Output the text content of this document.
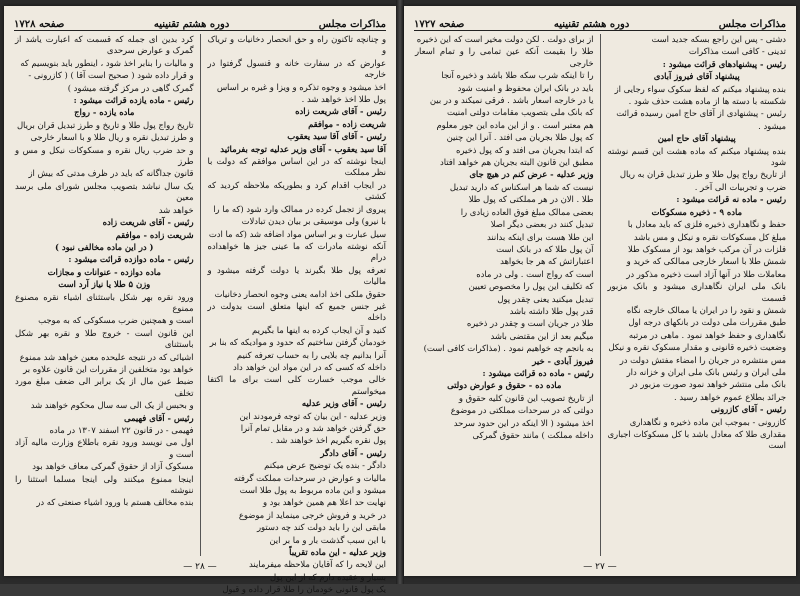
مذاکرات مجلس
دوره هشتم تقنینیه
صفحه ۱۷۲۸

و چنانچه تاکنون راه و حق انحصار دخانیات و تریاک و

عوارض که در سفارت خانه و قنسول گرفتوا در خارجه

اخذ میشود و وجوه تذکره و ویزا و غیره بر اساس

پول طلا اخذ خواهد شد .

رئیس - آقای شریعت زاده

شریعت زاده - موافقم

رئیس - آقای آقا سید یعقوب

آقا سید یعقوب - آقای وزیر عدلیه توجه بفرمائید

اینجا نوشته که در این اساس موافقم که دولت با نظر مملکت

در ایجاب اقدام کرد و بطوریکه ملاحظه کردید که کشتی

پیروی از تجمل کرده در ممالک وارد شود (که ما را

با نیرو) ولی موسیقی بر بیان دیدن تبادلات

سیل عبارت و بر اساس مواد اضافه شد (که ما ادت

آنکه نوشته مادرات که ما عینی جیز ها خواهداده درام

تعرفه پول طلا بگیرند یا دولت گرفته میشود و مالیات

حقوق ملکی اخذ ادامه یعنی وجوه انحصار دخانیات

غیر جنس جمیع که اینها متعلق است بدولت در داخله

کنید و آن ایجاب کرده به اینها ما بگیریم

خودمان گرفتن ساختیم که حدود و موادیکه که بنا بر

آنرا بدانیم چه بلایی را به حساب تعرفه کنیم

داخله که کسی که در این مواد این خواهد داد

خالی موجب خسارت کلی است برای ما اکتفا میخواستم

رئیس - آقای وزیر عدلیه

وزیر عدلیه - این بیان که توجه فرمودند این

حق گرفتن خواهد شد و در مقابل تمام آنرا

پول نقره بگیریم اخذ خواهند شد .

رئیس - آقای دادگر

دادگر - بنده یک توضیح عرض میکنم

مالیات و عوارض در سرحدات مملکت گرفته

میشود و این ماده مربوط به پول طلا است

نهایت حد اعلا هم همین خواهد بود و

در خرید و فروش خرجی مینماید از موضوع

مابقی این را باید دولت کند چه دستور

با این سبب گذشت بار و ما بر این

وزیر عدلیه - این ماده تقریباً

این لایحه را که آقایان ملاحظه میفرمایند

بسیار و عقیده دارم که از این پول

یک پول قانونی خودمان را طلا قرار داده و قبول

کرد بدین ای جمله که قسمت که اعبارت یاشد از گمرک و عوارض سرحدی

و مالیات را بنابر اخذ شود ، اینطور باید بنویسیم که

و قرار داده شود ( صحیح است آقا ) ( کازرونی -

گمرک گاهی در مرکز گرفته میشود )

رئیس - ماده یازده قرائت میشود :

ماده یازده - رواج

تاریخ رواج پول طلا و تاریخ و طرز تبدیل قران بریال

و طرز تبدیل نقره و ریال طلا و با اسعار خارجی

و حد ضرب ریال نقره و مسکوکات نیکل و مس و طرز

قانون جداگانه که باید در ظرف مدتی که بیش از

یک سال نباشد بتصویب مجلس شورای ملی برسد معین

خواهد شد

رئیس - آقای شریعت زاده

شریعت زاده - موافقم

( در این ماده مخالفی نبود )

رئیس - ماده دوازده قرائت میشود :

ماده دوازده - عنوانات و مجازات

وزن ۵ طلا یا نیاز آرد است

ورود نقره بهر شکل باستثنای اشیاء نقره مصنوع ممنوع

است و همچنین ضرب مسکوکی که به موجب

این قانون است - خروج طلا و نقره بهر شکل باستثنای

اشیائی که در نتیجه علیحده معین خواهد شد ممنوع

خواهد بود متخلفین از مقررات این قانون علاوه بر

ضبط عین مال از یک برابر الی ضعف مبلغ مورد تخلف

و بحبس از یک الی سه سال محکوم خواهند شد

رئیس - آقای فهیمی

فهیمی - در قانون ۲۲ اسفند ۱۳۰۷ در ماده

اول می نویسد ورود نقره باطلاع وزارت مالیه آزاد است و

مسکوک آزاد از حقوق گمرکی معاف خواهد بود

اینجا ممنوع میکنند ولی اینجا مسلما استثنا را ننوشته

بنده مخالف هستم با ورود اشیاء صنعتی که در

— ۲۸ —
مذاکرات مجلس
دوره هشتم تقنینیه
صفحه ۱۷۲۷

دشتی - پس این راجع بسکه جدید است

تدینی - کافی است مذاکرات

رئیس - پیشنهادهای قرائت میشود :

پیشنهاد آقای فیروز آبادی

بنده پیشنهاد میکنم که لفظ سکوک سواء رجایی از

شکسته با دسته ها از ماده هشت حذف شود .

رئیس - پیشنهادی از آقای حاج امین رسیده قرائت

میشود .

پیشنهاد آقای حاج امین

بنده پیشنهاد میکنم که ماده هشت این قسم نوشته شود

از تاریخ رواج پول طلا و طرز تبدیل قران به ریال

ضرب و تجربیات الی آخر .

رئیس - ماده نه قرائت میشود :

ماده ۹ - ذخیره مسکوکات

حفظ و نگاهداری ذخیره فلزی که باید معادل با

مبلغ کل مسکوکات نقره و نیکل و مس باشد

فلزات در آن مرکب خواهد بود از مسکوک طلا

شمش طلا با اسعار خارجی ممالکی که خرید و

معاملات طلا در آنها آزاد است ذخیره مذکور در

بانک ملی ایران نگاهداری میشود و بانک مزبور قسمت

شمش و نقود را در ایران یا ممالک خارجه نگاه

طبق مقررات ملی دولت در بانکهای درجه اول

نگاهداری و حفظ خواهد نمود . ماهی در مرتبه

وضعیت ذخیره قانونی و مقدار مسکوک نقره و نیکل

مس منتشره در جریان را امضاء مفتش دولت در

ملی ایران و رئیس بانک ملی ایران و خزانه دار

بانک ملی منتشر خواهد نمود صورت مزبور در

جرائد بطلاع عموم خواهد رسید .

رئیس - آقای کازرونی

کازرونی - بموجب این ماده ذخیره و نگاهداری

مقداری طلا که معادل باشد با کل مسکوکات اجباری است

از برای دولت . لکن دولت مخیر است که این ذخیره

طلا را بقیمت آنکه عین تمامی را و تمام اسعار خارجی

را تا اینکه شرب سکه طلا باشد و ذخیره آنجا

باید در بانک ایران محفوظ و امنیت شود

یا در خارجه اسعار باشد . فرقی نمیکند و در بین

که بانک ملی بتصویب مقامات دولتی امنیت

هم معتبر است . و از این ماده این جور معلوم

که پول طلا بجریان می افتد . آنرا این چنین

که ابتدا بجریان می افتد و که پول ذخیره

مطبق این قانون البته بجریان هم خواهد افتاد

وزیر عدلیه - عرض کنم در هیچ جای

نیست که شما هر اسکناس که دارید تبدیل

طلا . الان در هر مملکتی که پول طلا

بعضی ممالک مبلغ فوق العاده زیادی را

تبدیل کنند در بعضی دیگر اصلا

این طلا هست برای اینکه بدانند

آن پول طلا که در بانک است

اعتباراتش که هر جا بخواهد

است که رواج است . ولی در ماده

که تکلیف این پول را مخصوص تعیین

تبدیل میکنید یعنی چقدر پول

قدر پول طلا داشته باشد

طلا در جریان است و چقدر در ذخیره

میگیم بعد از این مقتضی باشد

به بانجم چه خواهیم نمود . (مذاکرات کافی است)

فیروز آبادی - خیر

رئیس - ماده ده قرائت میشود :

ماده ده - حقوق و عوارض دولتی

از تاریخ تصویب این قانون کلیه حقوق و

دولتی که در سرحدات مملکتی در موضوع

اخذ میشود ( الا اینکه در این حدود سرحد

داخله مملکت ) مانند حقوق گمرکی

— ۲۷ —
